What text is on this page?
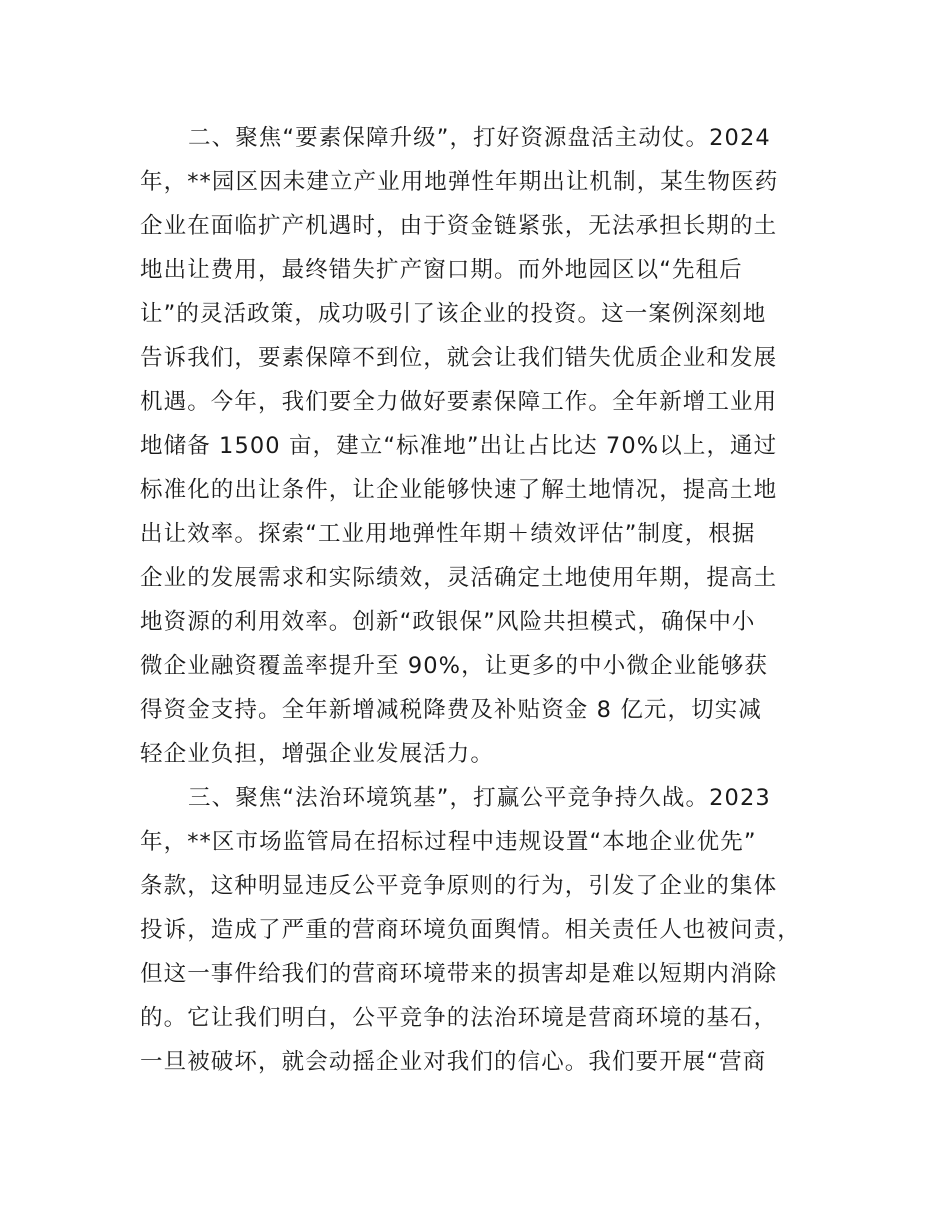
二、聚焦“要素保障升级”，打好资源盘活主动仗。2024
年，**园区因未建立产业用地弹性年期出让机制，某生物医药
企业在面临扩产机遇时，由于资金链紧张，无法承担长期的土
地出让费用，最终错失扩产窗口期。而外地园区以“先租后
让”的灵活政策，成功吸引了该企业的投资。这一案例深刻地
告诉我们，要素保障不到位，就会让我们错失优质企业和发展
机遇。今年，我们要全力做好要素保障工作。全年新增工业用
地储备 1500 亩，建立“标准地”出让占比达 70%以上，通过
标准化的出让条件，让企业能够快速了解土地情况，提高土地
出让效率。探索“工业用地弹性年期＋绩效评估”制度，根据
企业的发展需求和实际绩效，灵活确定土地使用年期，提高土
地资源的利用效率。创新“政银保”风险共担模式，确保中小
微企业融资覆盖率提升至 90%，让更多的中小微企业能够获
得资金支持。全年新增减税降费及补贴资金 8 亿元，切实减
轻企业负担，增强企业发展活力。
三、聚焦“法治环境筑基”，打赢公平竞争持久战。2023
年，**区市场监管局在招标过程中违规设置“本地企业优先”
条款，这种明显违反公平竞争原则的行为，引发了企业的集体
投诉，造成了严重的营商环境负面舆情。相关责任人也被问责，
但这一事件给我们的营商环境带来的损害却是难以短期内消除
的。它让我们明白，公平竞争的法治环境是营商环境的基石，
一旦被破坏，就会动摇企业对我们的信心。我们要开展“营商
